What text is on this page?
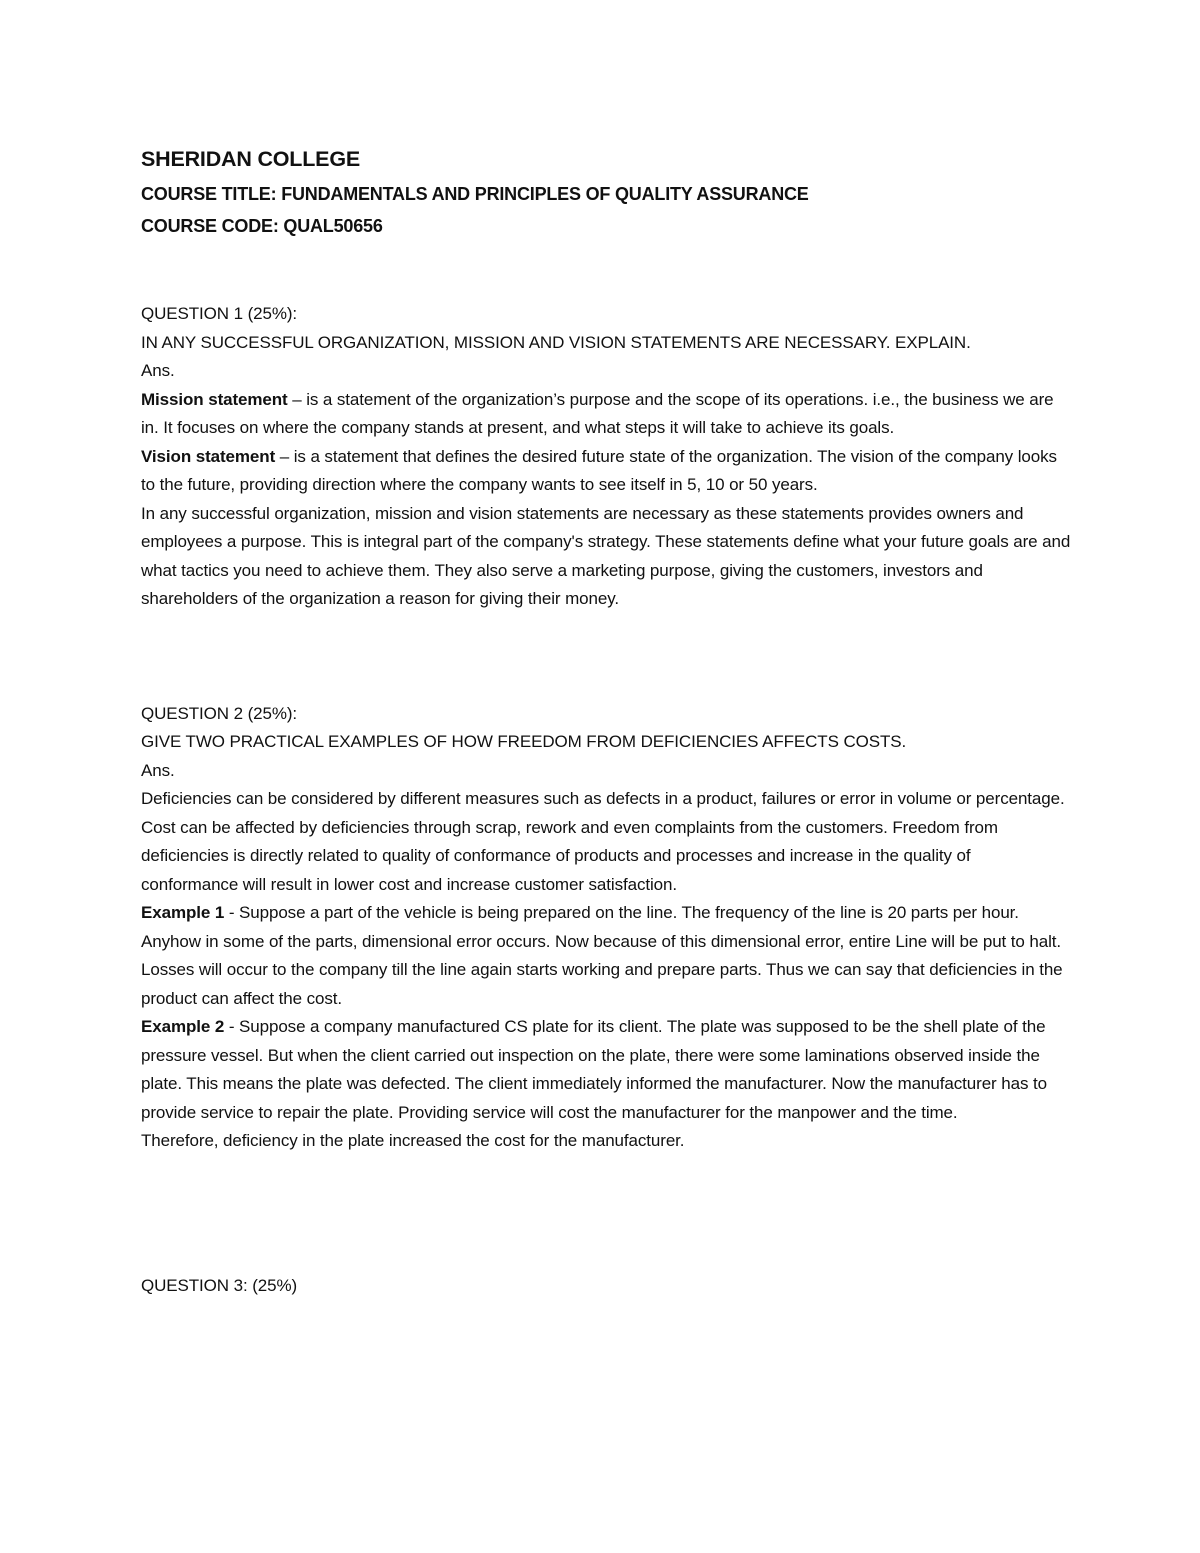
SHERIDAN COLLEGE

COURSE TITLE: FUNDAMENTALS AND PRINCIPLES OF QUALITY ASSURANCE

COURSE CODE: QUAL50656

QUESTION 1 (25%):

IN ANY SUCCESSFUL ORGANIZATION, MISSION AND VISION STATEMENTS ARE NECESSARY. EXPLAIN.

Ans.

Mission statement – is a statement of the organization’s purpose and the scope of its operations. i.e., the business we are in. It focuses on where the company stands at present, and what steps it will take to achieve its goals.

Vision statement – is a statement that defines the desired future state of the organization. The vision of the company looks to the future, providing direction where the company wants to see itself in 5, 10 or 50 years.

In any successful organization, mission and vision statements are necessary as these statements provides owners and employees a purpose. This is integral part of the company's strategy. These statements define what your future goals are and what tactics you need to achieve them. They also serve a marketing purpose, giving the customers, investors and shareholders of the organization a reason for giving their money.

QUESTION 2 (25%):

GIVE TWO PRACTICAL EXAMPLES OF HOW FREEDOM FROM DEFICIENCIES AFFECTS COSTS.

Ans.

Deficiencies can be considered by different measures such as defects in a product, failures or error in volume or percentage. Cost can be affected by deficiencies through scrap, rework and even complaints from the customers. Freedom from deficiencies is directly related to quality of conformance of products and processes and increase in the quality of conformance will result in lower cost and increase customer satisfaction.

Example 1 - Suppose a part of the vehicle is being prepared on the line. The frequency of the line is 20 parts per hour. Anyhow in some of the parts, dimensional error occurs. Now because of this dimensional error, entire Line will be put to halt. Losses will occur to the company till the line again starts working and prepare parts. Thus we can say that deficiencies in the product can affect the cost.

Example 2 - Suppose a company manufactured CS plate for its client. The plate was supposed to be the shell plate of the pressure vessel. But when the client carried out inspection on the plate, there were some laminations observed inside the plate. This means the plate was defected. The client immediately informed the manufacturer. Now the manufacturer has to provide service to repair the plate. Providing service will cost the manufacturer for the manpower and the time.

Therefore, deficiency in the plate increased the cost for the manufacturer.

QUESTION 3: (25%)
